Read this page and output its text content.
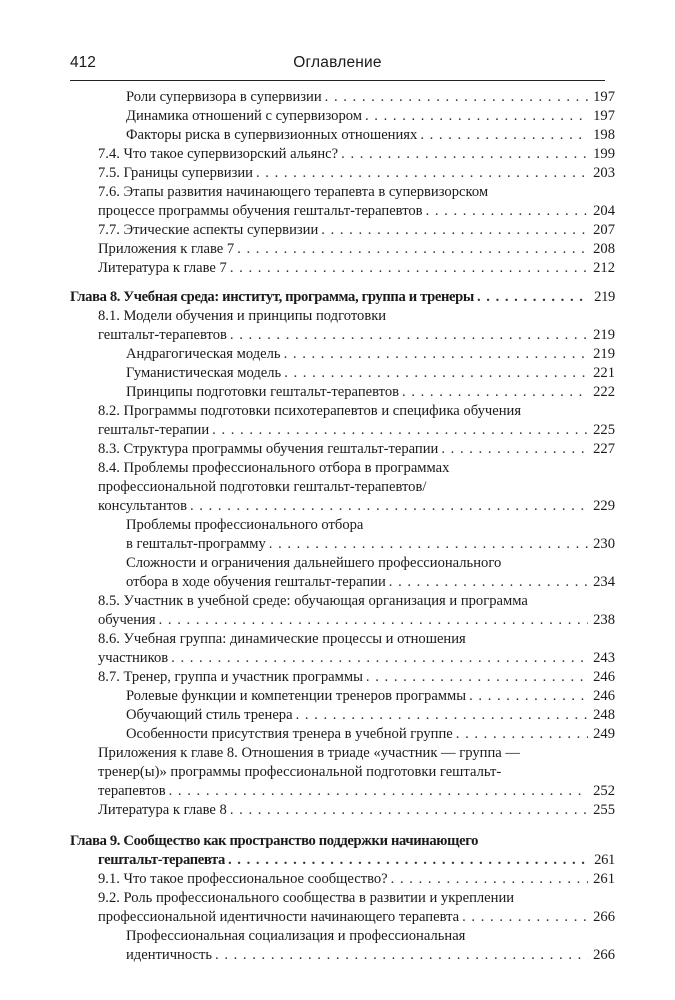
412	Оглавление
Роли супервизора в супервизии . . .	197
Динамика отношений с супервизором . . .	197
Факторы риска в супервизионных отношениях . . .	198
7.4. Что такое супервизорский альянс? . . .	199
7.5. Границы супервизии . . .	203
7.6. Этапы развития начинающего терапевта в супервизорском
процессе программы обучения гештальт-терапевтов . . .	204
7.7. Этические аспекты супервизии . . .	207
Приложения к главе 7 . . .	208
Литература к главе 7 . . .	212
Глава 8. Учебная среда: институт, программа, группа и тренеры . . .	219
8.1. Модели обучения и принципы подготовки
гештальт-терапевтов . . .	219
Андрагогическая модель . . .	219
Гуманистическая модель . . .	221
Принципы подготовки гештальт-терапевтов . . .	222
8.2. Программы подготовки психотерапевтов и специфика обучения
гештальт-терапии . . .	225
8.3. Структура программы обучения гештальт-терапии . . .	227
8.4. Проблемы профессионального отбора в программах
профессиональной подготовки гештальт-терапевтов/
консультантов . . .	229
Проблемы профессионального отбора
в гештальт-программу . . .	230
Сложности и ограничения дальнейшего профессионального
отбора в ходе обучения гештальт-терапии . . .	234
8.5. Участник в учебной среде: обучающая организация и программа
обучения . . .	238
8.6. Учебная группа: динамические процессы и отношения
участников . . .	243
8.7. Тренер, группа и участник программы . . .	246
Ролевые функции и компетенции тренеров программы . . .	246
Обучающий стиль тренера . . .	248
Особенности присутствия тренера в учебной группе . . .	249
Приложения к главе 8. Отношения в триаде «участник — группа —
тренер(ы)» программы профессиональной подготовки гештальт-
терапевтов . . .	252
Литература к главе 8 . . .	255
Глава 9. Сообщество как пространство поддержки начинающего
гештальт-терапевта . . .	261
9.1. Что такое профессиональное сообщество? . . .	261
9.2. Роль профессионального сообщества в развитии и укреплении
профессиональной идентичности начинающего терапевта . . .	266
Профессиональная социализация и профессиональная
идентичность . . .	266
